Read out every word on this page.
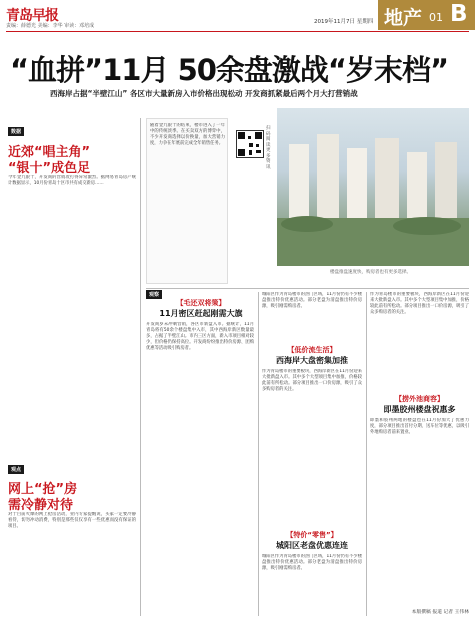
青岛早报
责编：薛德光 美编：李华 审读：邓培成
2019年11月7日 星期四 地产 01 B
“血拼”11月 50余盘激战“岁末档”
西海岸占据“半壁江山” 各区市大量新房入市价格出现松动 开发商抓紧最后两个月大打营销战
数据
近郊“唱主角”
“银十”成色足
今年金九银十，开发商的营销攻打得异常激烈。据网易青岛房产统计数据显示，10月份青岛十区市共有成交新房……
观点
网上“抢”房
需冷静对待
对于目前火爆的网上抢房活动，业内专家提醒说，买家一定要冷静看待，切勿冲动消费，特别是那些仅仅享有一些优惠而没有保证的项目。
随着金九银十的结束，楼市进入了一年中的传统淡季。在买卖双方的博弈中，不少开发商选择以价换量，加大营销力度，力争在年底前完成全年销售任务。
扫码阅读更多资讯
楼盘推盘速度快，购房者也有更多选择。
观察
【毛还双将策】
11月密区赶起刚需大旗
开发商岁末冲刺营销，各区市新盘入市。据统计，11月青岛将有50余个楼盘集中入市，其中西海岸新区数量最多，占据了半壁江山。市内三区方面，新入市项目相对较少，但价格仍保持高位。开发商纷纷推出特价房源、团购优惠等活动吸引购房者。
城阳区作为青岛楼市的热门区域，11月份仍有不少楼盘推出特价优惠活动。部分老盘为清盘推出特价房源，吸引刚需购房者。
【低价流生活】
西海岸大盘密集加推
作为青岛楼市的重要板块，西海岸新区在11月份迎来大批新盘入市。其中多个大型项目集中加推，价格较此前有所松动。部分项目推出一口价房源，吸引了众多购房者的关注。
【特价“零售”】
城阳区老盘优惠连连
城阳区作为青岛楼市的热门区域，11月份仍有不少楼盘推出特价优惠活动。部分老盘为清盘推出特价房源，吸引刚需购房者。
作为青岛楼市的重要板块，西海岸新区在11月份迎来大批新盘入市。其中多个大型项目集中加推，价格较此前有所松动。部分项目推出一口价房源，吸引了众多购房者的关注。
【捞外池商容】
即墨胶州楼盘祝惠多
即墨和胶州两地的楼盘也在11月份加大了优惠力度，部分项目推出首付分期、送车位等优惠，以吸引外地购房者前来置业。
本版撰稿 报道 记者 王伟林
